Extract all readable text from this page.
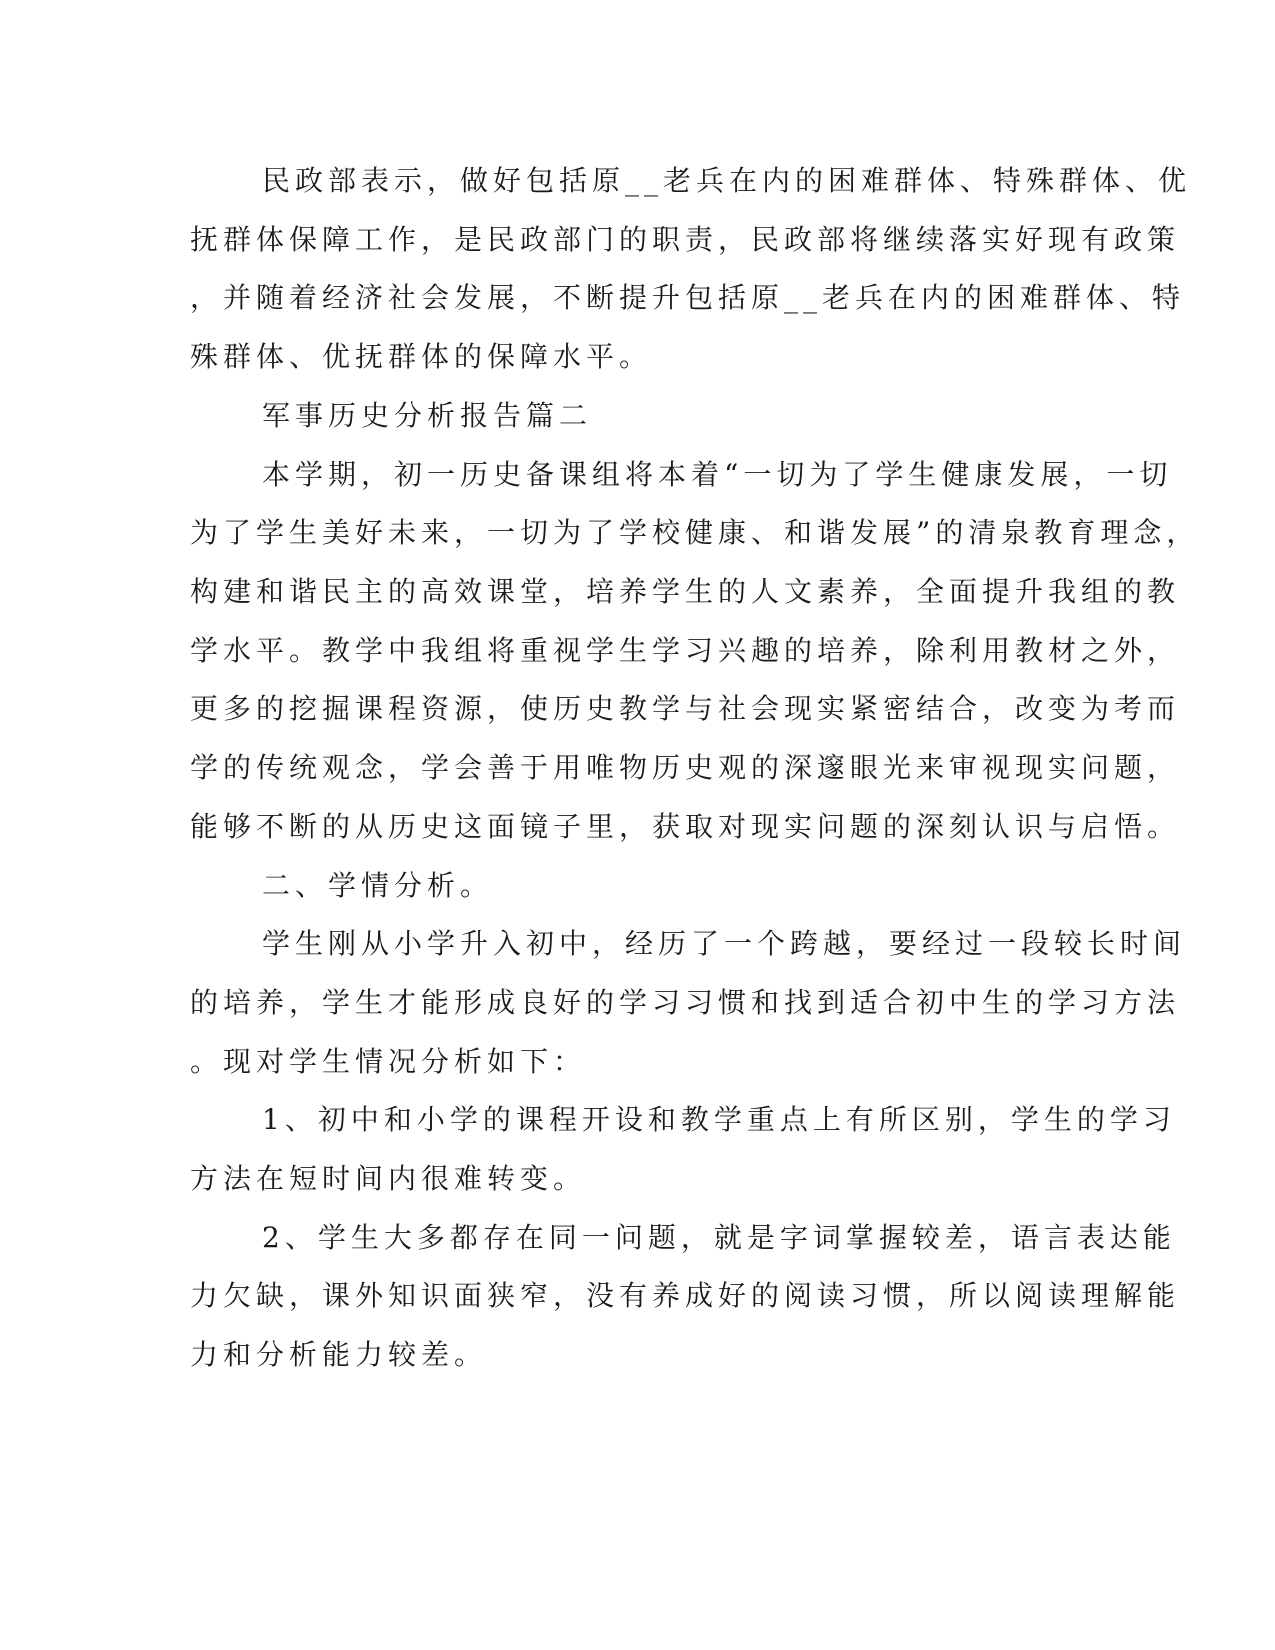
民政部表示，做好包括原__老兵在内的困难群体、特殊群体、优
抚群体保障工作，是民政部门的职责，民政部将继续落实好现有政策
，并随着经济社会发展，不断提升包括原__老兵在内的困难群体、特
殊群体、优抚群体的保障水平。
军事历史分析报告篇二
本学期，初一历史备课组将本着“一切为了学生健康发展，一切
为了学生美好未来，一切为了学校健康、和谐发展”的清泉教育理念，
构建和谐民主的高效课堂，培养学生的人文素养，全面提升我组的教
学水平。教学中我组将重视学生学习兴趣的培养，除利用教材之外，
更多的挖掘课程资源，使历史教学与社会现实紧密结合，改变为考而
学的传统观念，学会善于用唯物历史观的深邃眼光来审视现实问题，
能够不断的从历史这面镜子里，获取对现实问题的深刻认识与启悟。
二、学情分析。
学生刚从小学升入初中，经历了一个跨越，要经过一段较长时间
的培养，学生才能形成良好的学习习惯和找到适合初中生的学习方法
。现对学生情况分析如下：
1、初中和小学的课程开设和教学重点上有所区别，学生的学习
方法在短时间内很难转变。
2、学生大多都存在同一问题，就是字词掌握较差，语言表达能
力欠缺，课外知识面狭窄，没有养成好的阅读习惯，所以阅读理解能
力和分析能力较差。
